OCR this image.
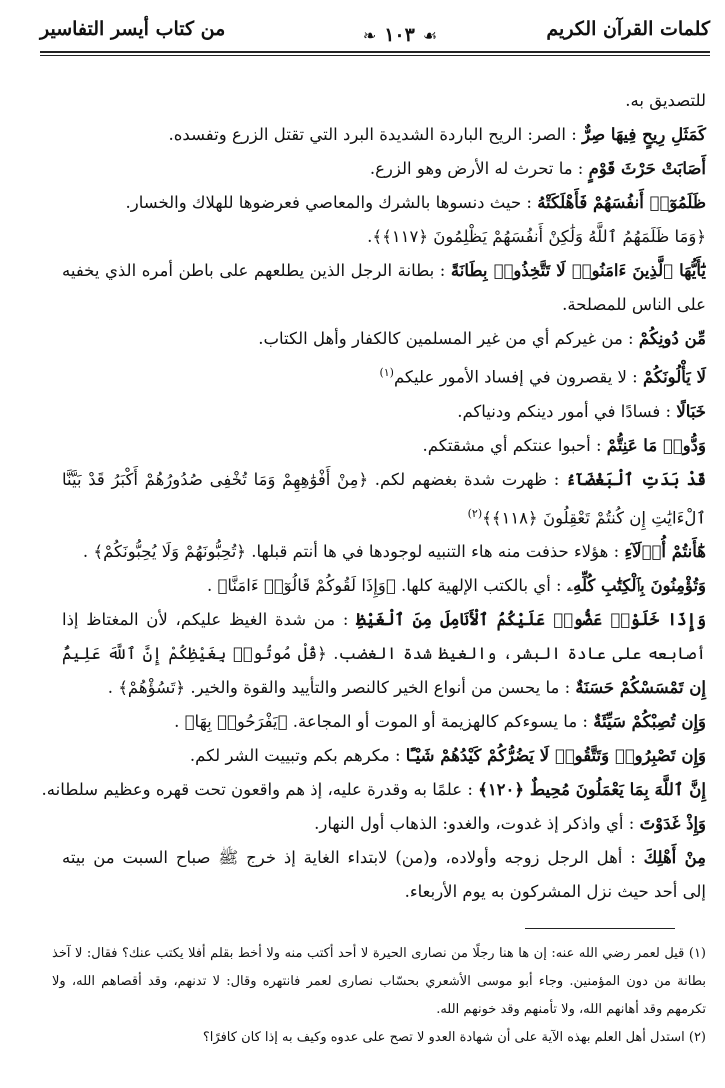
كلمات القرآن الكريم
❧ ١٠٣ ☙
من كتاب أيسر التفاسير
للتصديق به.
كَمَثَلِ رِيحٍ فِيهَا صِرٌّ : الصر: الريح الباردة الشديدة البرد التي تقتل الزرع وتفسده.
أَصَابَتْ حَرْثَ قَوْمٍ : ما تحرث له الأرض وهو الزرع.
ظَلَمُوٓا۟ أَنفُسَهُمْ فَأَهْلَكَتْهُ : حيث دنسوها بالشرك والمعاصي فعرضوها للهلاك والخسار.
﴿وَمَا ظَلَمَهُمُ ٱللَّهُ وَلَٰكِنْ أَنفُسَهُمْ يَظْلِمُونَ ﴿١١٧﴾﴾.
يَٰٓأَيُّهَا ٱلَّذِينَ ءَامَنُوا۟ لَا تَتَّخِذُوا۟ بِطَانَةً : بطانة الرجل الذين يطلعهم على باطن أمره الذي يخفيه
على الناس للمصلحة.
مِّن دُونِكُمْ : من غيركم أي من غير المسلمين كالكفار وأهل الكتاب.
لَا يَأْلُونَكُمْ : لا يقصرون في إفساد الأمور عليكم$^{(١)}$
خَبَالًا : فسادًا في أمور دينكم ودنياكم.
وَدُّوا۟ مَا عَنِتُّمْ : أحبوا عنتكم أي مشقتكم.
قَدْ بَدَتِ ٱلْبَغْضَآءُ : ظهرت شدة بغضهم لكم. ﴿مِنْ أَفْوَٰهِهِمْ وَمَا تُخْفِى صُدُورُهُمْ أَكْبَرُ قَدْ بَيَّنَّا
ٱلْءَايَٰتِ إِن كُنتُمْ تَعْقِلُونَ ﴿١١٨﴾﴾$^{(٢)}$
هَٰٓأَنتُمْ أُو۟لَآءِ : هؤلاء حذفت منه هاء التنبيه لوجودها في ها أنتم قبلها. ﴿تُحِبُّونَهُمْ وَلَا يُحِبُّونَكُمْ﴾ .
وَتُؤْمِنُونَ بِٱلْكِتَٰبِ كُلِّهِۦ : أي بالكتب الإلهية كلها. ﴿وَإِذَا لَقُوكُمْ قَالُوٓا۟ ءَامَنَّا﴾ .
وَإِذَا خَلَوْا۟ عَضُّوا۟ عَلَيْكُمُ ٱلْأَنَامِلَ مِنَ ٱلْغَيْظِ : من شدة الغيظ عليكم، لأن المغتاظ إذا
أصابعه على عادة البشر، والغيظ شدة الغضب. ﴿قُلْ مُوتُوا۟ بِغَيْظِكُمْ إِنَّ ٱللَّهَ عَلِيمٌۢ
إِن تَمْسَسْكُمْ حَسَنَةٌ : ما يحسن من أنواع الخير كالنصر والتأييد والقوة والخير. ﴿تَسُؤْهُمْ﴾ .
وَإِن تُصِبْكُمْ سَيِّئَةٌ : ما يسوءكم كالهزيمة أو الموت أو المجاعة. ﴿يَفْرَحُوا۟ بِهَا﴾ .
وَإِن تَصْبِرُوا۟ وَتَتَّقُوا۟ لَا يَضُرُّكُمْ كَيْدُهُمْ شَيْـًٔا : مكرهم بكم وتبييت الشر لكم.
إِنَّ ٱللَّهَ بِمَا يَعْمَلُونَ مُحِيطٌ ﴿١٢٠﴾ : علمًا به وقدرة عليه، إذ هم واقعون تحت قهره وعظيم سلطانه.
وَإِذْ غَدَوْتَ : أي واذكر إذ غدوت، والغدو: الذهاب أول النهار.
مِنْ أَهْلِكَ : أهل الرجل زوجه وأولاده، و(من) لابتداء الغاية إذ خرج ﷺ صباح السبت من بيته
إلى أحد حيث نزل المشركون به يوم الأربعاء.
(١) قيل لعمر رضي الله عنه: إن ها هنا رجلًا من نصارى الحيرة لا أحد أكتب منه ولا أخط بقلم أفلا يكتب عنك؟ فقال: لا آخذ بطانة من دون المؤمنين. وجاء أبو موسى الأشعري بحسّاب نصارى لعمر فانتهره وقال: لا تدنهم، وقد أقصاهم الله، ولا تكرمهم وقد أهانهم الله، ولا تأمنهم وقد خونهم الله.
(٢) استدل أهل العلم بهذه الآية على أن شهادة العدو لا تصح على عدوه وكيف به إذا كان كافرًا؟
